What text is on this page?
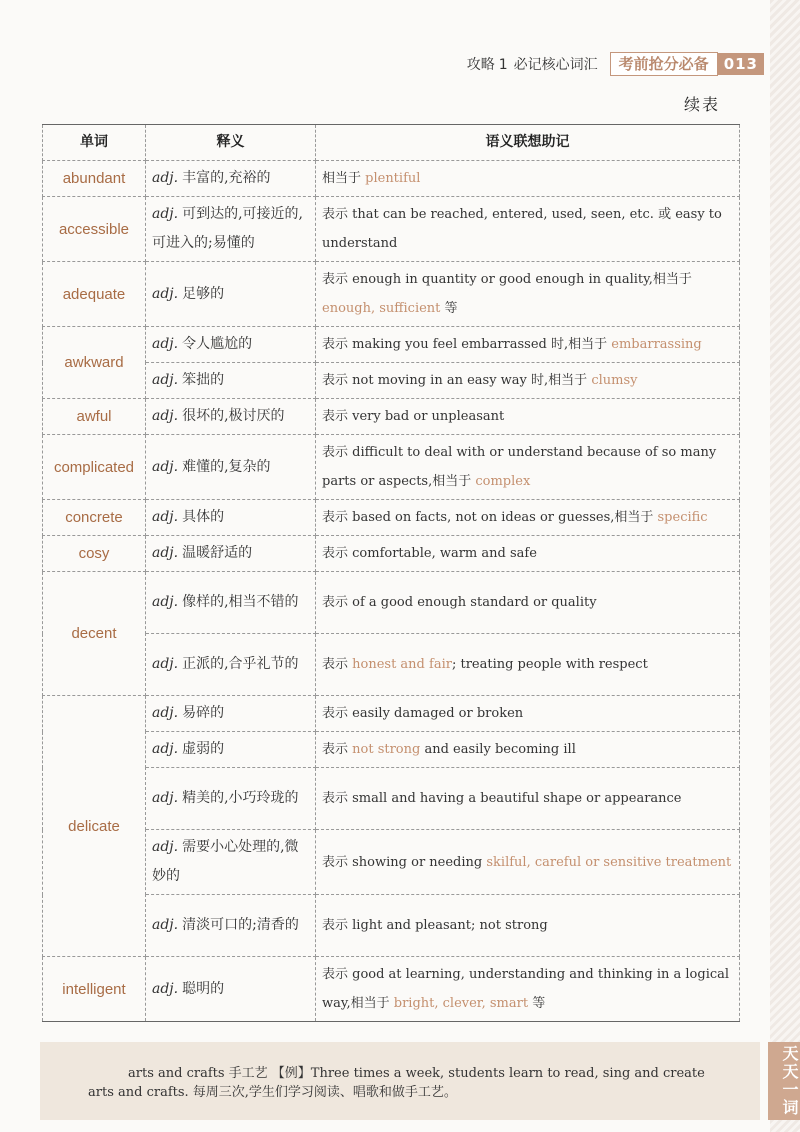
攻略 1 必记核心词汇	考前抢分必备	013
续表
单词	释义	语义联想助记
abundant	adj. 丰富的,充裕的	相当于 plentiful
accessible	adj. 可到达的,可接近的,可进入的;易懂的	表示 that can be reached, entered, used, seen, etc. 或 easy to understand
adequate	adj. 足够的	表示 enough in quantity or good enough in quality,相当于 enough, sufficient 等
awkward	adj. 令人尴尬的	表示 making you feel embarrassed 时,相当于 embarrassing
	adj. 笨拙的	表示 not moving in an easy way 时,相当于 clumsy
awful	adj. 很坏的,极讨厌的	表示 very bad or unpleasant
complicated	adj. 难懂的,复杂的	表示 difficult to deal with or understand because of so many parts or aspects,相当于 complex
concrete	adj. 具体的	表示 based on facts, not on ideas or guesses,相当于 specific
cosy	adj. 温暖舒适的	表示 comfortable, warm and safe
decent	adj. 像样的,相当不错的	表示 of a good enough standard or quality
	adj. 正派的,合乎礼节的	表示 honest and fair; treating people with respect
delicate	adj. 易碎的	表示 easily damaged or broken
	adj. 虚弱的	表示 not strong and easily becoming ill
	adj. 精美的,小巧玲珑的	表示 small and having a beautiful shape or appearance
	adj. 需要小心处理的,微妙的	表示 showing or needing skilful, careful or sensitive treatment
	adj. 清淡可口的;清香的	表示 light and pleasant; not strong
intelligent	adj. 聪明的	表示 good at learning, understanding and thinking in a logical way,相当于 bright, clever, smart 等
arts and crafts 手工艺 【例】Three times a week, students learn to read, sing and create
arts and crafts. 每周三次,学生们学习阅读、唱歌和做手工艺。	天天一词
